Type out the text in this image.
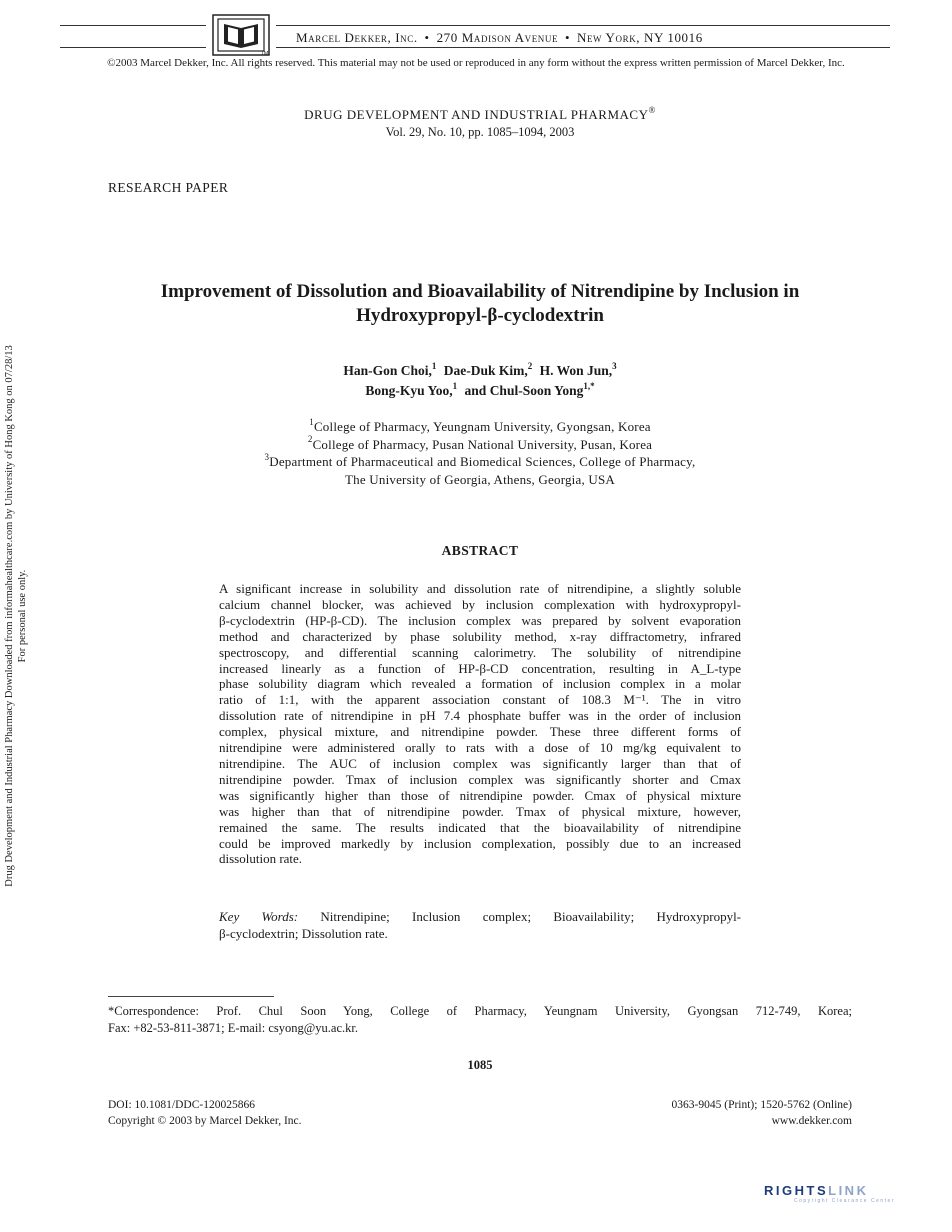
TM
Marcel Dekker, Inc. • 270 Madison Avenue • New York, NY 10016
©2003 Marcel Dekker, Inc. All rights reserved. This material may not be used or reproduced in any form without the express written permission of Marcel Dekker, Inc.
DRUG DEVELOPMENT AND INDUSTRIAL PHARMACY®
Vol. 29, No. 10, pp. 1085–1094, 2003
RESEARCH PAPER
Improvement of Dissolution and Bioavailability of Nitrendipine by Inclusion in
Hydroxypropyl-β-cyclodextrin
Han-Gon Choi,$^1$ Dae-Duk Kim,$^2$ H. Won Jun,$^3$
Bong-Kyu Yoo,$^1$ and Chul-Soon Yong$^{1,*}$
$^1$College of Pharmacy, Yeungnam University, Gyongsan, Korea
$^2$College of Pharmacy, Pusan National University, Pusan, Korea
$^3$Department of Pharmaceutical and Biomedical Sciences, College of Pharmacy,
The University of Georgia, Athens, Georgia, USA
ABSTRACT
A significant increase in solubility and dissolution rate of nitrendipine, a slightly soluble
calcium channel blocker, was achieved by inclusion complexation with hydroxypropyl-
β-cyclodextrin (HP-β-CD). The inclusion complex was prepared by solvent evaporation
method and characterized by phase solubility method, x-ray diffractometry, infrared
spectroscopy, and differential scanning calorimetry. The solubility of nitrendipine
increased linearly as a function of HP-β-CD concentration, resulting in A_L-type
phase solubility diagram which revealed a formation of inclusion complex in a molar
ratio of 1:1, with the apparent association constant of 108.3 M⁻¹. The in vitro
dissolution rate of nitrendipine in pH 7.4 phosphate buffer was in the order of inclusion
complex, physical mixture, and nitrendipine powder. These three different forms of
nitrendipine were administered orally to rats with a dose of 10 mg/kg equivalent to
nitrendipine. The AUC of inclusion complex was significantly larger than that of
nitrendipine powder. Tmax of inclusion complex was significantly shorter and Cmax
was significantly higher than those of nitrendipine powder. Cmax of physical mixture
was higher than that of nitrendipine powder. Tmax of physical mixture, however,
remained the same. The results indicated that the bioavailability of nitrendipine
could be improved markedly by inclusion complexation, possibly due to an increased
dissolution rate.
Key Words: Nitrendipine; Inclusion complex; Bioavailability; Hydroxypropyl-
β-cyclodextrin; Dissolution rate.
*Correspondence: Prof. Chul Soon Yong, College of Pharmacy, Yeungnam University, Gyongsan 712-749, Korea;
Fax: +82-53-811-3871; E-mail: csyong@yu.ac.kr.
1085
DOI: 10.1081/DDC-120025866
Copyright © 2003 by Marcel Dekker, Inc.
0363-9045 (Print); 1520-5762 (Online)
www.dekker.com
Drug Development and Industrial Pharmacy Downloaded from informahealthcare.com by University of Hong Kong on 07/28/13 For personal use only.
RIGHTSLINK
Copyright Clearance Center
